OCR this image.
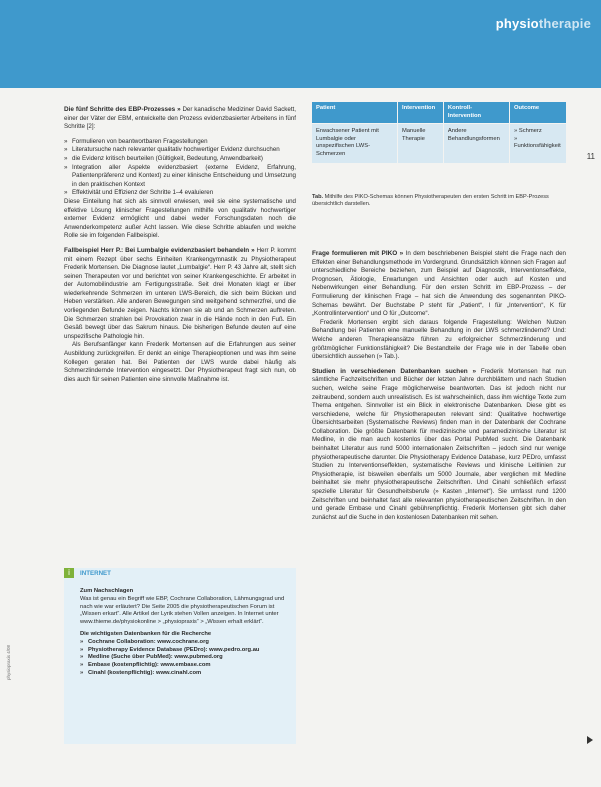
physiotherapie
11

Die fünf Schritte des EBP-Prozesses » Der kanadische Mediziner David Sackett, einer der Väter der EBM, entwickelte den Prozess evidenzbasierter Arbeitens in fünf Schritte [2]:

» Formulieren von beantwortbaren Fragestellungen
» Literatursuche nach relevanter qualitativ hochwertiger Evidenz durchsuchen
» die Evidenz kritisch beurteilen (Gültigkeit, Bedeutung, Anwendbarkeit)
» Integration aller Aspekte evidenzbasiert (externe Evidenz, Erfahrung, Patientenpräferenz und Kontext) zu einer klinische Entscheidung und Umsetzung in den praktischen Kontext
» Effektivität und Effizienz der Schritte 1–4 evaluieren

Diese Einteilung hat sich als sinnvoll erwiesen, weil sie eine systematische und effektive Lösung klinischer Fragestellungen mithilfe von qualitativ hochwertiger externer Evidenz ermöglicht und dabei weder Forschungsdaten noch die Anwenderkompetenz außer Acht lassen. Wie diese Schritte ablaufen und welche Rolle sie im folgenden Fallbeispiel.

Fallbeispiel Herr P.: Bei Lumbalgie evidenzbasiert behandeln » Herr P. kommt mit einem Rezept über sechs Einheiten Krankengymnastik zu Physiotherapeut Frederik Mortensen. Die Diagnose lautet „Lumbalgie“. Herr P. 43 Jahre alt, stellt sich seinen Therapeuten vor und berichtet von seiner Krankengeschichte. Er arbeitet in der Automobilindustrie am Fertigungsstraße. Seit drei Monaten klagt er über wiederkehrende Schmerzen im unteren LWS-Bereich, die sich beim Bücken und Heben verstärken. Alle anderen Bewegungen sind weitgehend schmerzfrei, und die vorliegenden Befunde zeigen. Nachts können sie ab und an Schmerzen auftreten. Die Schmerzen strahlen bei Provokation zwar in die Hände noch in den Fuß. Ein Gesäß bewegt über das Sakrum hinaus. Die bisherigen Befunde deuten auf eine unspezifische Pathologie hin.

Als Berufsanfänger kann Frederik Mortensen auf die Erfahrungen aus seiner Ausbildung zurückgreifen. Er denkt an einige Therapieoptionen und was ihm seine Kollegen geraten hat. Bei Patienten der LWS wurde dabei häufig als Schmerzlindernde Intervention eingesetzt. Der Physiotherapeut fragt sich nun, ob dies auch für seinen Patienten eine sinnvolle Maßnahme ist.

Patient	Intervention	Kontroll-Intervention	Outcome
Erwachsener Patient mit Lumbalgie oder unspezifischen LWS-Schmerzen	Manuelle Therapie	Andere Behandlungsformen	» Schmerz
» Funktionsfähigkeit
Tab. Mithilfe des PIKO-Schemas können Physiotherapeuten den ersten Schritt im EBP-Prozess übersichtlich darstellen.

Frage formulieren mit PIKO » In dem beschriebenen Beispiel steht die Frage nach den Effekten einer Behandlungsmethode im Vordergrund. Grundsätzlich können sich Fragen auf unterschiedliche Bereiche beziehen, zum Beispiel auf Diagnostik, Interventionseffekte, Prognosen, Ätiologie, Erwartungen und Ansichten oder auch auf Kosten und Nebenwirkungen einer Behandlung. Für den ersten Schritt im EBP-Prozess – der Formulierung der klinischen Frage – hat sich die Anwendung des sogenannten PIKO-Schemas bewährt. Der Buchstabe P steht für „Patient“, I für „Intervention“, K für „Kontrollintervention“ und O für „Outcome“.

Frederik Mortensen ergibt sich daraus folgende Fragestellung: Welchen Nutzen Behandlung bei Patienten eine manuelle Behandlung in der LWS schmerzlindernd? Und: Welche anderen Therapieansätze führen zu erfolgreicher Schmerzlinderung und größtmöglicher Funktionsfähigkeit? Die Bestandteile der Frage wie in der Tabelle oben übersichtlich aussehen (» Tab.).

Studien in verschiedenen Datenbanken suchen » Frederik Mortensen hat nun sämtliche Fachzeitschriften und Bücher der letzten Jahre durchblättern und nach Studien suchen, welche seine Frage möglicherweise beantworten. Das ist jedoch nicht nur zeitraubend, sondern auch unrealistisch. Es ist wahrscheinlich, dass ihm wichtige Texte zum Thema entgehen. Sinnvoller ist ein Blick in elektronische Datenbanken. Diese gibt es verschiedene, welche für Physiotherapeuten relevant sind: Qualitative hochwertige Übersichtsarbeiten (Systematische Reviews) finden man in der Datenbank der Cochrane Collaboration. Die größte Datenbank für medizinische und paramedizinische Literatur ist Medline, in die man auch kostenlos über das Portal PubMed sucht. Die Datenbank beinhaltet Literatur aus rund 5000 internationalen Zeitschriften – jedoch sind nur wenige physiotherapeutische darunter. Die Physiotherapy Evidence Database, kurz PEDro, umfasst Studien zu Interventionseffekten, systematische Reviews und klinische Leitlinien zur Physiotherapie, ist bisweilen ebenfalls um 5000 Journale, aber verglichen mit Medline beinhaltet sie mehr physiotherapeutische Zeitschriften. Und Cinahl schließlich erfasst spezielle Literatur für Gesundheitsberufe (» Kasten „Internet“). Sie umfasst rund 1200 Zeitschriften und beinhaltet fast alle relevanten physiotherapeutischen Zeitschriften. In den und gerade Embase und Cinahl gebührenpflichtig. Frederik Mortensen gibt sich daher zunächst auf die Suche in den kostenlosen Datenbanken mit sehen.

i	INTERNET
Zum Nachschlagen
Was ist genau ein Begriff wie EBP, Cochrane Collaboration, Lähmungsgrad und nach wie war erläutert? Die Seite 2005 die physiotherapeutischen Forum ist „Wissen erkart“. Alle Artikel der Lyrik stehen Vollen anzeigen. In Internet unter www.thieme.de/physiokonline > „physiopraxis“ > „Wissen erhalt erklärt“.
Die wichtigsten Datenbanken für die Recherche
» Cochrane Collaboration: www.cochrane.org
» Physiotherapy Evidence Database (PEDro): www.pedro.org.au
» Medline (Suche über PubMed): www.pubmed.org
» Embase (kostenpflichtig): www.embase.com
» Cinahl (kostenpflichtig): www.cinahl.com
physiopraxis 4/08
